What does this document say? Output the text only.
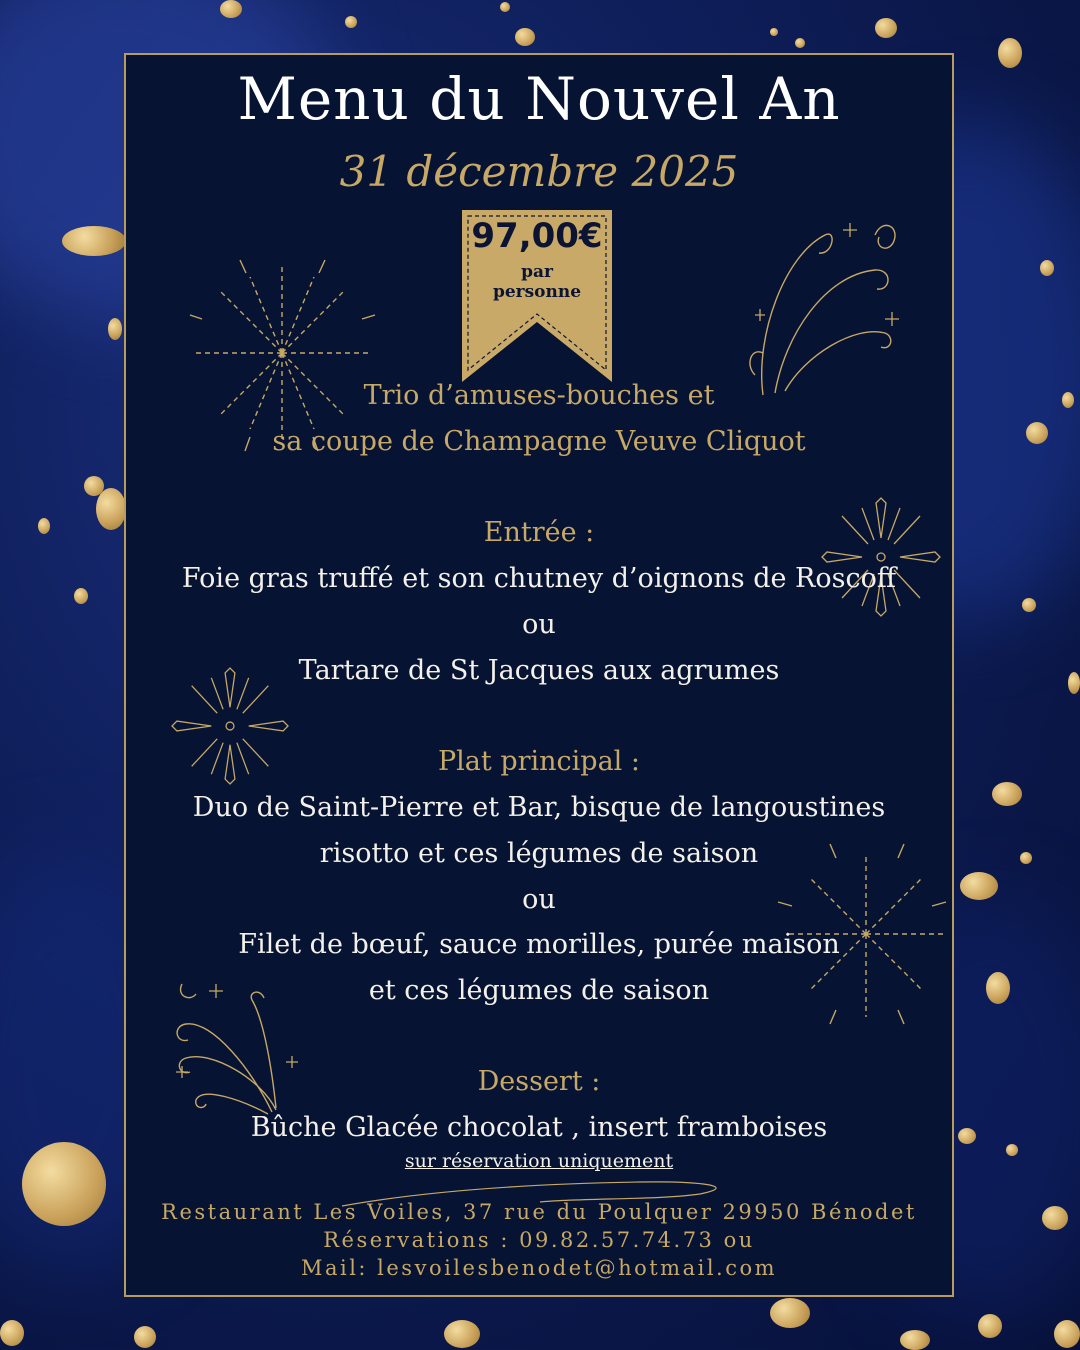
Menu du Nouvel An
31 décembre 2025
97,00€
par
personne
Trio d’amuses-bouches et
sa coupe de Champagne Veuve Cliquot
Entrée :
Foie gras truffé et son chutney d’oignons de Roscoff
ou
Tartare de St Jacques aux agrumes
Plat principal :
Duo de Saint-Pierre et Bar, bisque de langoustines
risotto et ces légumes de saison
ou
Filet de bœuf, sauce morilles, purée maison
et ces légumes de saison
Dessert :
Bûche Glacée chocolat , insert framboises
sur réservation uniquement
Restaurant Les Voiles, 37 rue du Poulquer 29950 Bénodet
Réservations : 09.82.57.74.73 ou
Mail: lesvoilesbenodet@hotmail.com
